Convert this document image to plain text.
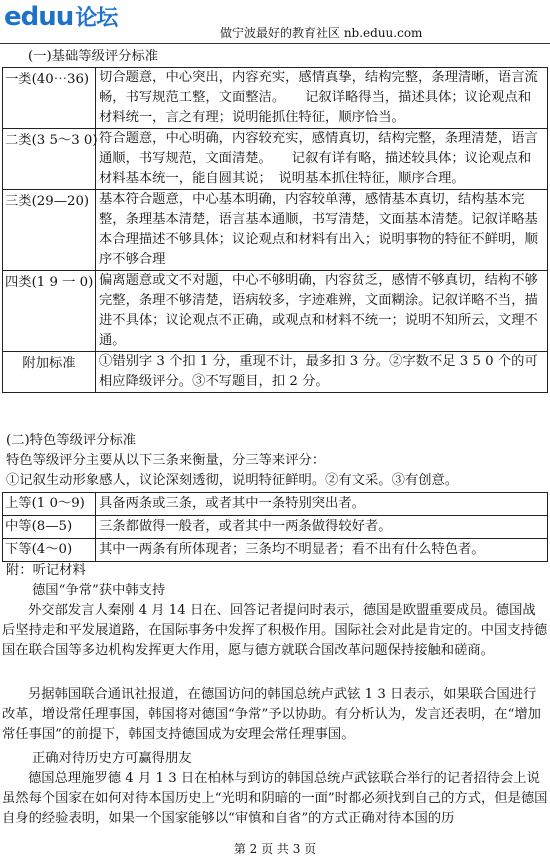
eduu论坛
做宁波最好的教育社区 nb.eduu.com
(一)基础等级评分标准
一类(40⋯36)	切合题意，中心突出，内容充实，感情真挚，结构完整，条理清晰，语言流畅，书写规范工整，文面整洁。　　记叙详略得当，描述具体；议论观点和材料统一，言之有理；说明能抓住特征，顺序恰当。
二类(3 5～3 0)	符合题意，中心明确，内容较充实，感情真切，结构完整，条理清楚，语言通顺，书写规范，文面清楚。　　记叙有详有略，描述较具体；议论观点和材料基本统一，能自圆其说；　说明基本抓住特征，顺序合理。
三类(29—20)	基本符合题意，中心基本明确，内容较单薄，感情基本真切，结构基本完整，条理基本清楚，语言基本通顺，书写清楚，文面基本清楚。记叙详略基本合理描述不够具体；议论观点和材料有出入；说明事物的特征不鲜明，顺序不够合理
四类(1 9 一 0)	偏离题意或文不对题，中心不够明确，内容贫乏，感情不够真切，结构不够完整，条理不够清楚，语病较多，字迹难辨，文面糊涂。记叙详略不当，描进不具体；议论观点不正确，或观点和材料不统一；说明不知所云，文理不通。
附加标准	①错别字 3 个扣 1 分，重现不计，最多扣 3 分。②字数不足 3 5 0 个的可相应降级评分。③不写题目，扣 2 分。
(二)特色等级评分标准
特色等级评分主要从以下三条来衡量，分三等来评分：
①记叙生动形象感人，议论深刻透彻，说明特征鲜明。②有文采。③有创意。
上等(1 0～9)	具备两条或三条，或者其中一条特别突出者。
中等(8—5)	三条都做得一般者，或者其中一两条做得较好者。
下等(4～0)	其中一两条有所体现者；三条均不明显者；看不出有什么特色者。
附：听记材料
德国“争常”获中韩支持
外交部发言人秦刚 4 月 14 日在、回答记者提问时表示，德国是欧盟重要成员。德国战后坚持走和平发展道路，在国际事务中发挥了积极作用。国际社会对此是肯定的。中国支持德国在联合国等多边机构发挥更大作用，愿与德方就联合国改革问题保持接触和磋商。
另据韩国联合通讯社报道，在德国访问的韩国总统卢武铉 1 3 日表示，如果联合国进行改革，增设常任理事国，韩国将对德国“争常”予以协助。有分析认为，发言还表明，在“增加常任事国”的前提下，韩国支持德国成为安理会常任理事国。
正确对待历史方可赢得朋友
德国总理施罗德 4 月 1 3 日在柏林与到访的韩国总统卢武铉联合举行的记者招待会上说虽然每个国家在如何对待本国历史上“光明和阴暗的一面”时都必须找到自己的方式，但是德国自身的经验表明，如果一个国家能够以“审慎和自省”的方式正确对待本国的历
第 2 页 共 3 页
